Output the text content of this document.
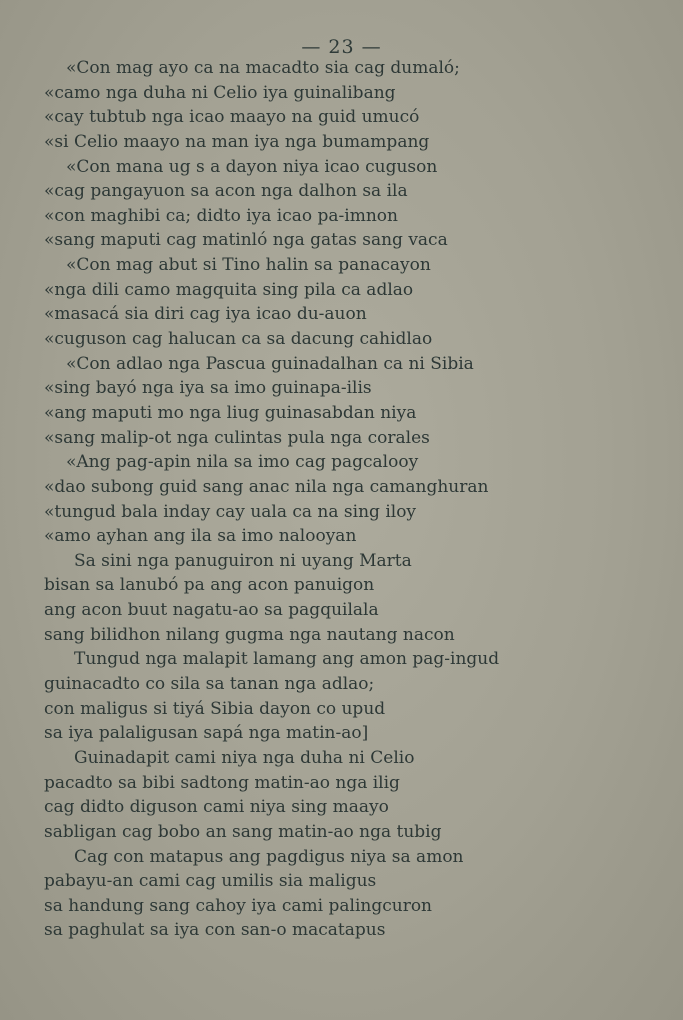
— 23 —
«Con mag ayo ca na macadto sia cag dumaló;
«camo nga duha ni Celio iya guinalibang
«cay tubtub nga icao maayo na guid umucó
«si Celio maayo na man iya nga bumampang
«Con mana ug s a dayon niya icao cuguson
«cag pangayuon sa acon nga dalhon sa ila
«con maghibi ca; didto iya icao pa-imnon
«sang maputi cag matinló nga gatas sang vaca
«Con mag abut si Tino halin sa panacayon
«nga dili camo magquita sing pila ca adlao
«masacá sia diri cag iya icao du-auon
«cuguson cag halucan ca sa dacung cahidlao
«Con adlao nga Pascua guinadalhan ca ni Sibia
«sing bayó nga iya sa imo guinapa-ilis
«ang maputi mo nga liug guinasabdan niya
«sang malip-ot nga culintas pula nga corales
«Ang pag-apin nila sa imo cag pagcalooy
«dao subong guid sang anac nila nga camanghuran
«tungud bala inday cay uala ca na sing iloy
«amo ayhan ang ila sa imo nalooyan
Sa sini nga panuguiron ni uyang Marta
bisan sa lanubó pa ang acon panuigon
ang acon buut nagatu-ao sa pagquilala
sang bilidhon nilang gugma nga nautang nacon
Tungud nga malapit lamang ang amon pag-ingud
guinacadto co sila sa tanan nga adlao;
con maligus si tiyá Sibia dayon co upud
sa iya palaligusan sapá nga matin-ao]
Guinadapit cami niya nga duha ni Celio
pacadto sa bibi sadtong matin-ao nga ilig
cag didto diguson cami niya sing maayo
sabligan cag bobo an sang matin-ao nga tubig
Cag con matapus ang pagdigus niya sa amon
pabayu-an cami cag umilis sia maligus
sa handung sang cahoy iya cami palingcuron
sa paghulat sa iya con san-o macatapus
